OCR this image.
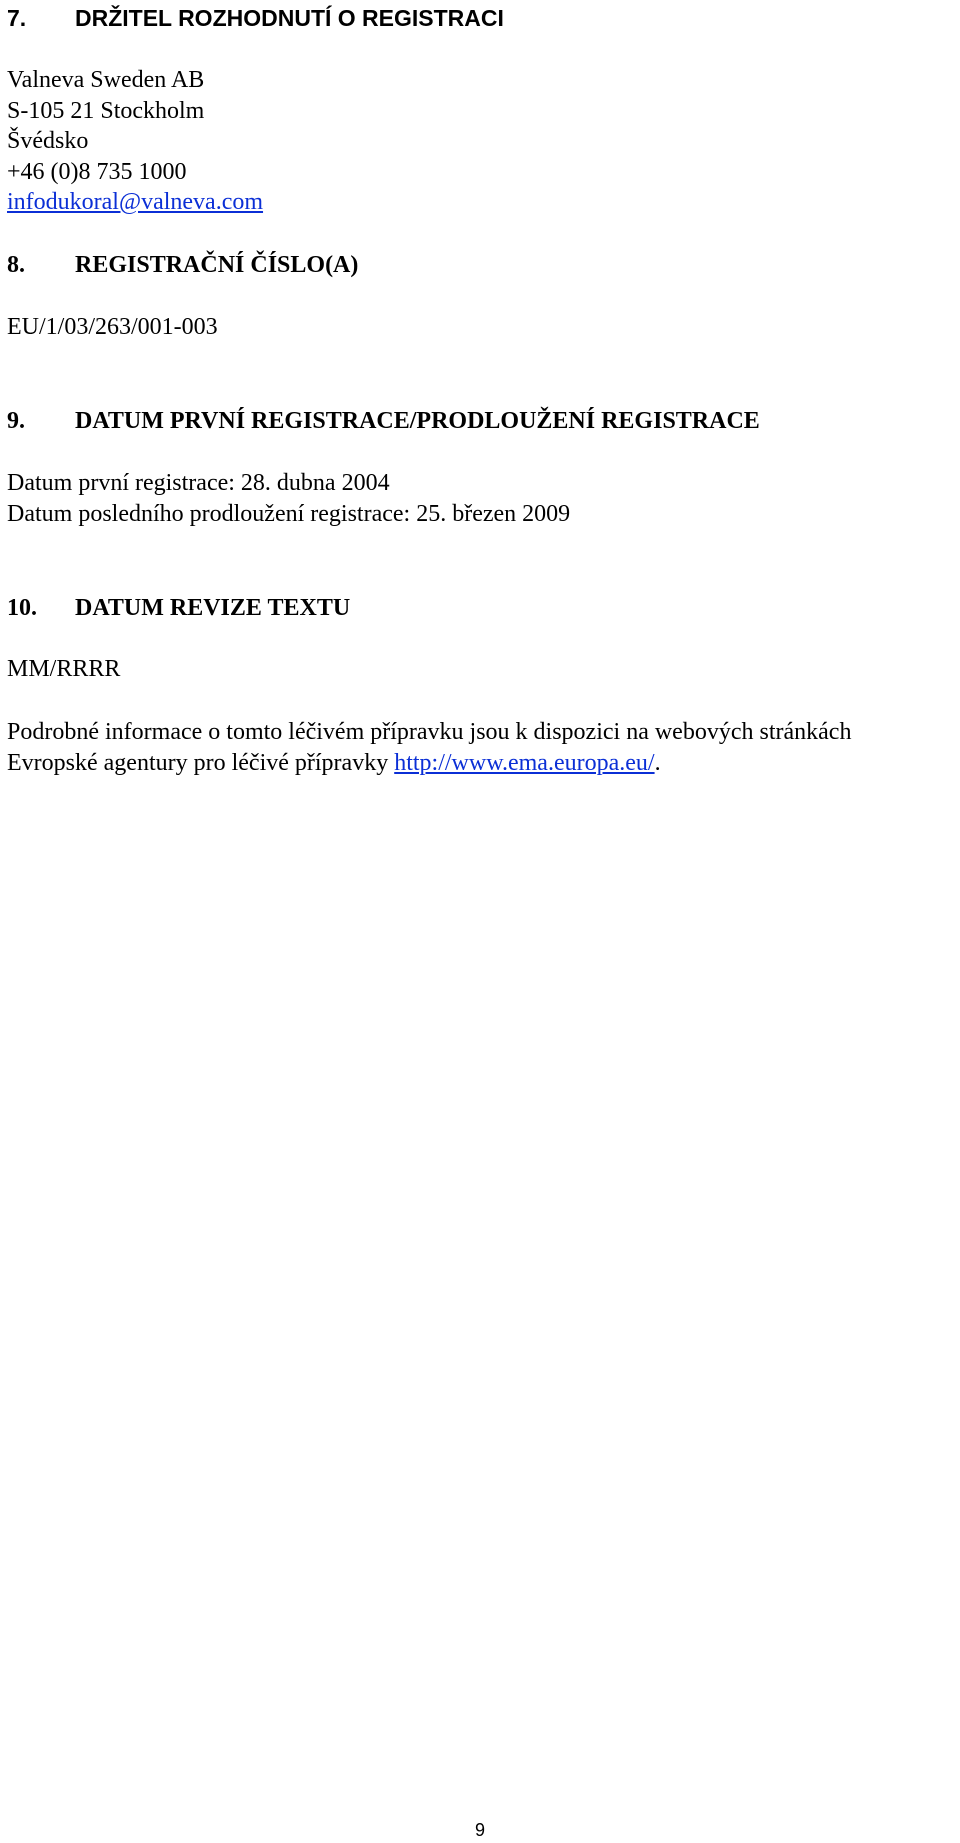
7.	DRŽITEL ROZHODNUTÍ O REGISTRACI
Valneva Sweden AB
S-105 21 Stockholm
Švédsko
+46 (0)8 735 1000
infodukoral@valneva.com
8.	REGISTRAČNÍ ČÍSLO(A)
EU/1/03/263/001-003
9.	DATUM PRVNÍ REGISTRACE/PRODLOUŽENÍ REGISTRACE
Datum první registrace: 28. dubna 2004
Datum posledního prodloužení registrace: 25. březen 2009
10.	DATUM REVIZE TEXTU
MM/RRRR
Podrobné informace o tomto léčivém přípravku jsou k dispozici na webových stránkách
Evropské agentury pro léčivé přípravky http://www.ema.europa.eu/.
9
